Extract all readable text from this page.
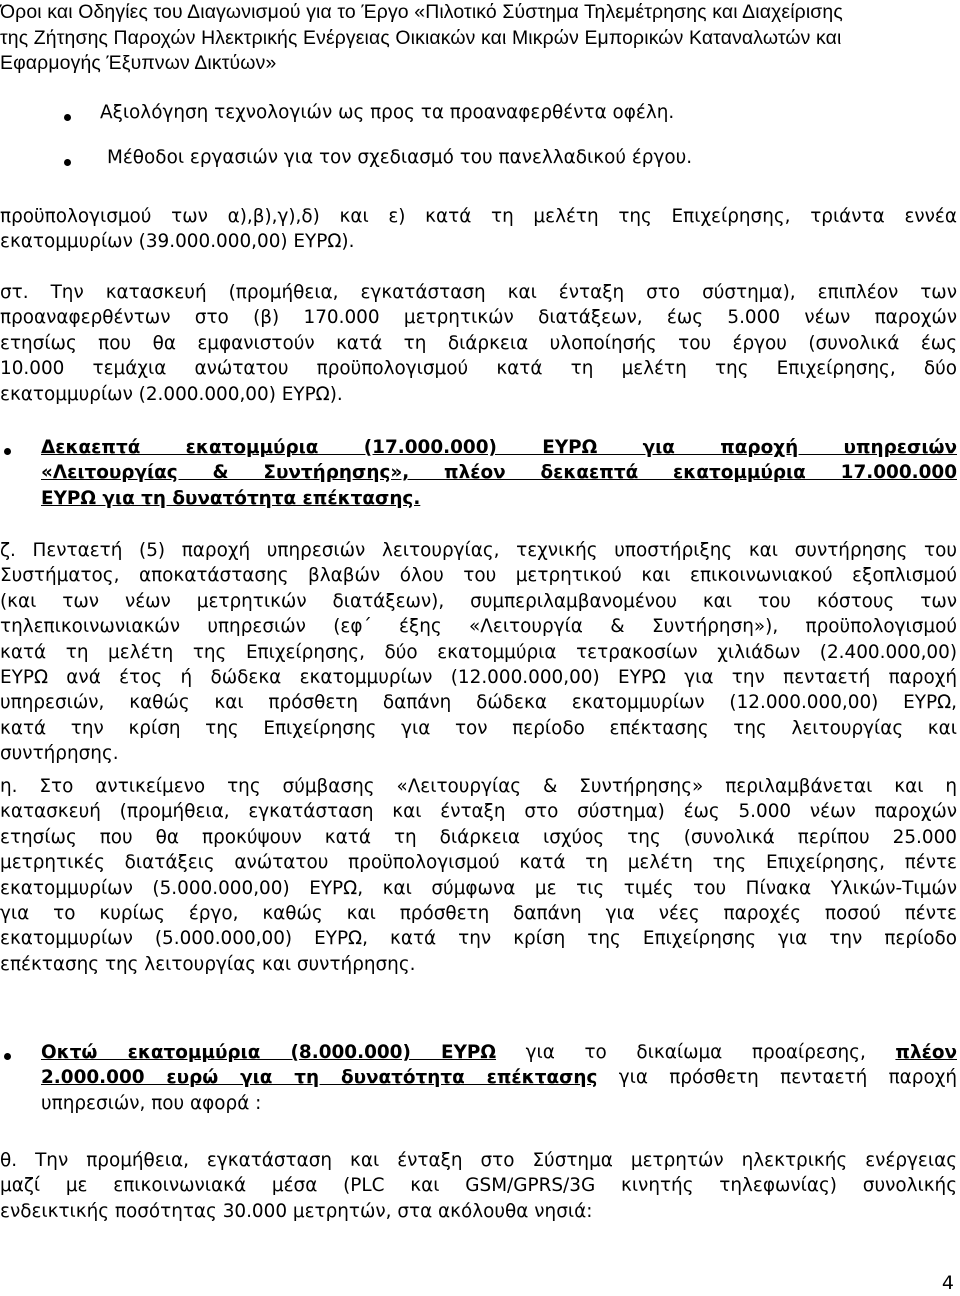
Όροι και Οδηγίες του Διαγωνισμού για το Έργο «Πιλοτικό Σύστημα Τηλεμέτρησης και Διαχείρισης
της Ζήτησης Παροχών Ηλεκτρικής Ενέργειας Οικιακών και Μικρών Εμπορικών Καταναλωτών και
Εφαρμογής Έξυπνων Δικτύων»
Αξιολόγηση τεχνολογιών ως προς τα προαναφερθέντα οφέλη.
Μέθοδοι εργασιών για τον σχεδιασμό του πανελλαδικού έργου.
προϋπολογισμού των α),β),γ),δ) και ε) κατά τη μελέτη της Επιχείρησης, τριάντα εννέα
εκατομμυρίων (39.000.000,00) ΕΥΡΩ).
στ. Την κατασκευή (προμήθεια, εγκατάσταση και ένταξη στο σύστημα), επιπλέον των
προαναφερθέντων στο (β) 170.000 μετρητικών διατάξεων, έως 5.000 νέων παροχών
ετησίως που θα εμφανιστούν κατά τη διάρκεια υλοποίησής του έργου (συνολικά έως
10.000 τεμάχια ανώτατου προϋπολογισμού κατά τη μελέτη της Επιχείρησης, δύο
εκατομμυρίων (2.000.000,00) ΕΥΡΩ).
Δεκαεπτά εκατομμύρια (17.000.000) ΕΥΡΩ για παροχή υπηρεσιών
«Λειτουργίας & Συντήρησης», πλέον δεκαεπτά εκατομμύρια 17.000.000
ΕΥΡΩ για τη δυνατότητα επέκτασης.
ζ. Πενταετή (5) παροχή υπηρεσιών λειτουργίας, τεχνικής υποστήριξης και συντήρησης του
Συστήματος, αποκατάστασης βλαβών όλου του μετρητικού και επικοινωνιακού εξοπλισμού
(και των νέων μετρητικών διατάξεων), συμπεριλαμβανομένου και του κόστους των
τηλεπικοινωνιακών υπηρεσιών (εφ΄ έξης «Λειτουργία & Συντήρηση»), προϋπολογισμού
κατά τη μελέτη της Επιχείρησης, δύο εκατομμύρια τετρακοσίων χιλιάδων (2.400.000,00)
ΕΥΡΩ ανά έτος ή δώδεκα εκατομμυρίων (12.000.000,00) ΕΥΡΩ για την πενταετή παροχή
υπηρεσιών, καθώς και πρόσθετη δαπάνη δώδεκα εκατομμυρίων (12.000.000,00) ΕΥΡΩ,
κατά την κρίση της Επιχείρησης για τον περίοδο επέκτασης της λειτουργίας και
συντήρησης.
η. Στο αντικείμενο της σύμβασης «Λειτουργίας & Συντήρησης» περιλαμβάνεται και η
κατασκευή (προμήθεια, εγκατάσταση και ένταξη στο σύστημα) έως 5.000 νέων παροχών
ετησίως που θα προκύψουν κατά τη διάρκεια ισχύος της (συνολικά περίπου 25.000
μετρητικές διατάξεις ανώτατου προϋπολογισμού κατά τη μελέτη της Επιχείρησης, πέντε
εκατομμυρίων (5.000.000,00) ΕΥΡΩ, και σύμφωνα με τις τιμές του Πίνακα Υλικών-Τιμών
για το κυρίως έργο, καθώς και πρόσθετη δαπάνη για νέες παροχές ποσού πέντε
εκατομμυρίων (5.000.000,00) ΕΥΡΩ, κατά την κρίση της Επιχείρησης για την περίοδο
επέκτασης της λειτουργίας και συντήρησης.
Οκτώ εκατομμύρια (8.000.000) ΕΥΡΩ για το δικαίωμα προαίρεσης, πλέον
2.000.000 ευρώ για τη δυνατότητα επέκτασης για πρόσθετη πενταετή παροχή
υπηρεσιών, που αφορά :
θ. Την προμήθεια, εγκατάσταση και ένταξη στο Σύστημα μετρητών ηλεκτρικής ενέργειας
μαζί με επικοινωνιακά μέσα (PLC και GSM/GPRS/3G κινητής τηλεφωνίας) συνολικής
ενδεικτικής ποσότητας 30.000 μετρητών, στα ακόλουθα νησιά:
4
